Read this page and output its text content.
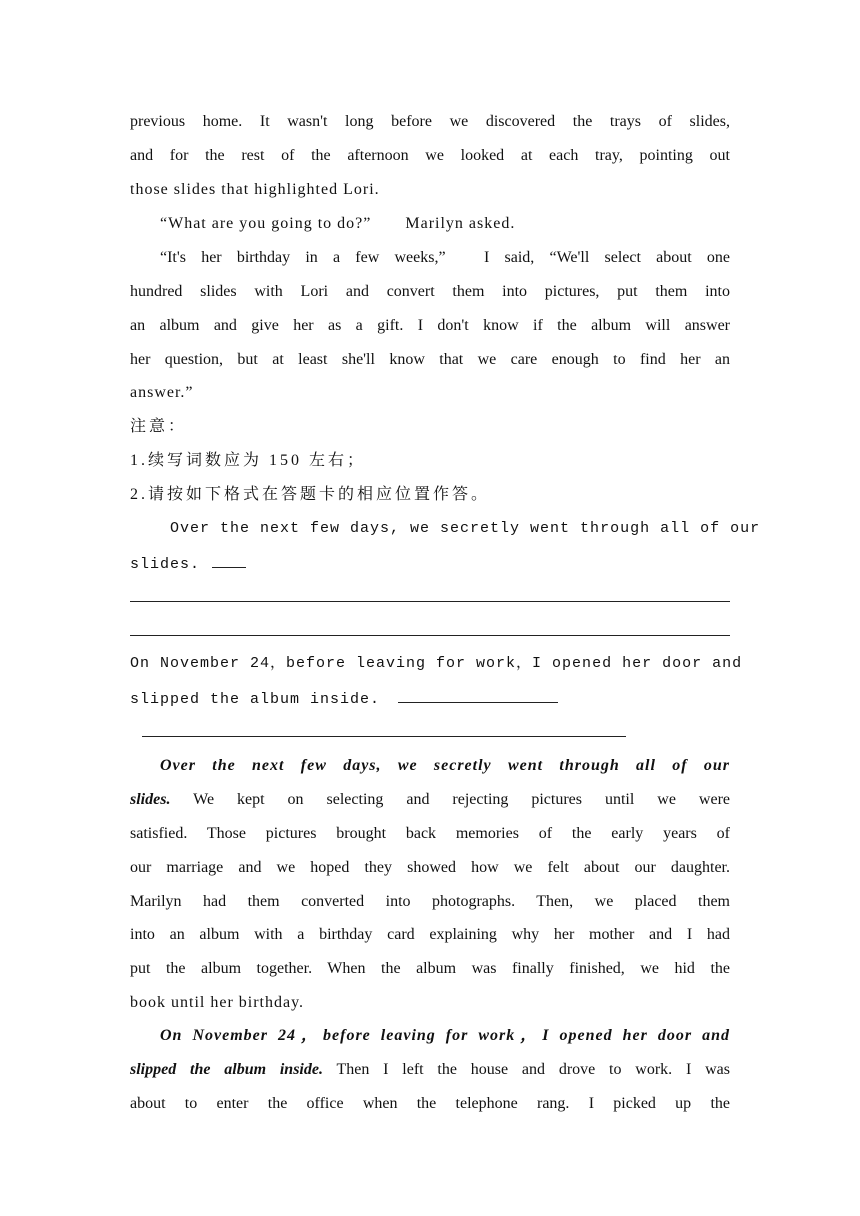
previous home. It wasn't long before we discovered the trays of slides,
and for the rest of the afternoon we looked at each tray, pointing out
those slides that highlighted Lori.
“What are you going to do?”　　Marilyn asked.
“It's her birthday in a few weeks,”　I said, “We'll select about one
hundred slides with Lori and convert them into pictures, put them into
an album and give her as a gift. I don't know if the album will answer
her question, but at least she'll know that we care enough to find her an
answer.”
注意：
1.续写词数应为 150 左右；
2.请按如下格式在答题卡的相应位置作答。
Over the next few days, we secretly went through all of our
slides.
On November 24，before leaving for work，I opened her door and
slipped the album inside.
Over the next few days, we secretly went through all of our
slides. We kept on selecting and rejecting pictures until we were
satisfied. Those pictures brought back memories of the early years of
our marriage and we hoped they showed how we felt about our daughter.
Marilyn had them converted into photographs. Then, we placed them
into an album with a birthday card explaining why her mother and I had
put the album together. When the album was finally finished, we hid the
book until her birthday.
On November 24，before leaving for work，I opened her door and
slipped the album inside. Then I left the house and drove to work. I was
about to enter the office when the telephone rang. I picked up the
